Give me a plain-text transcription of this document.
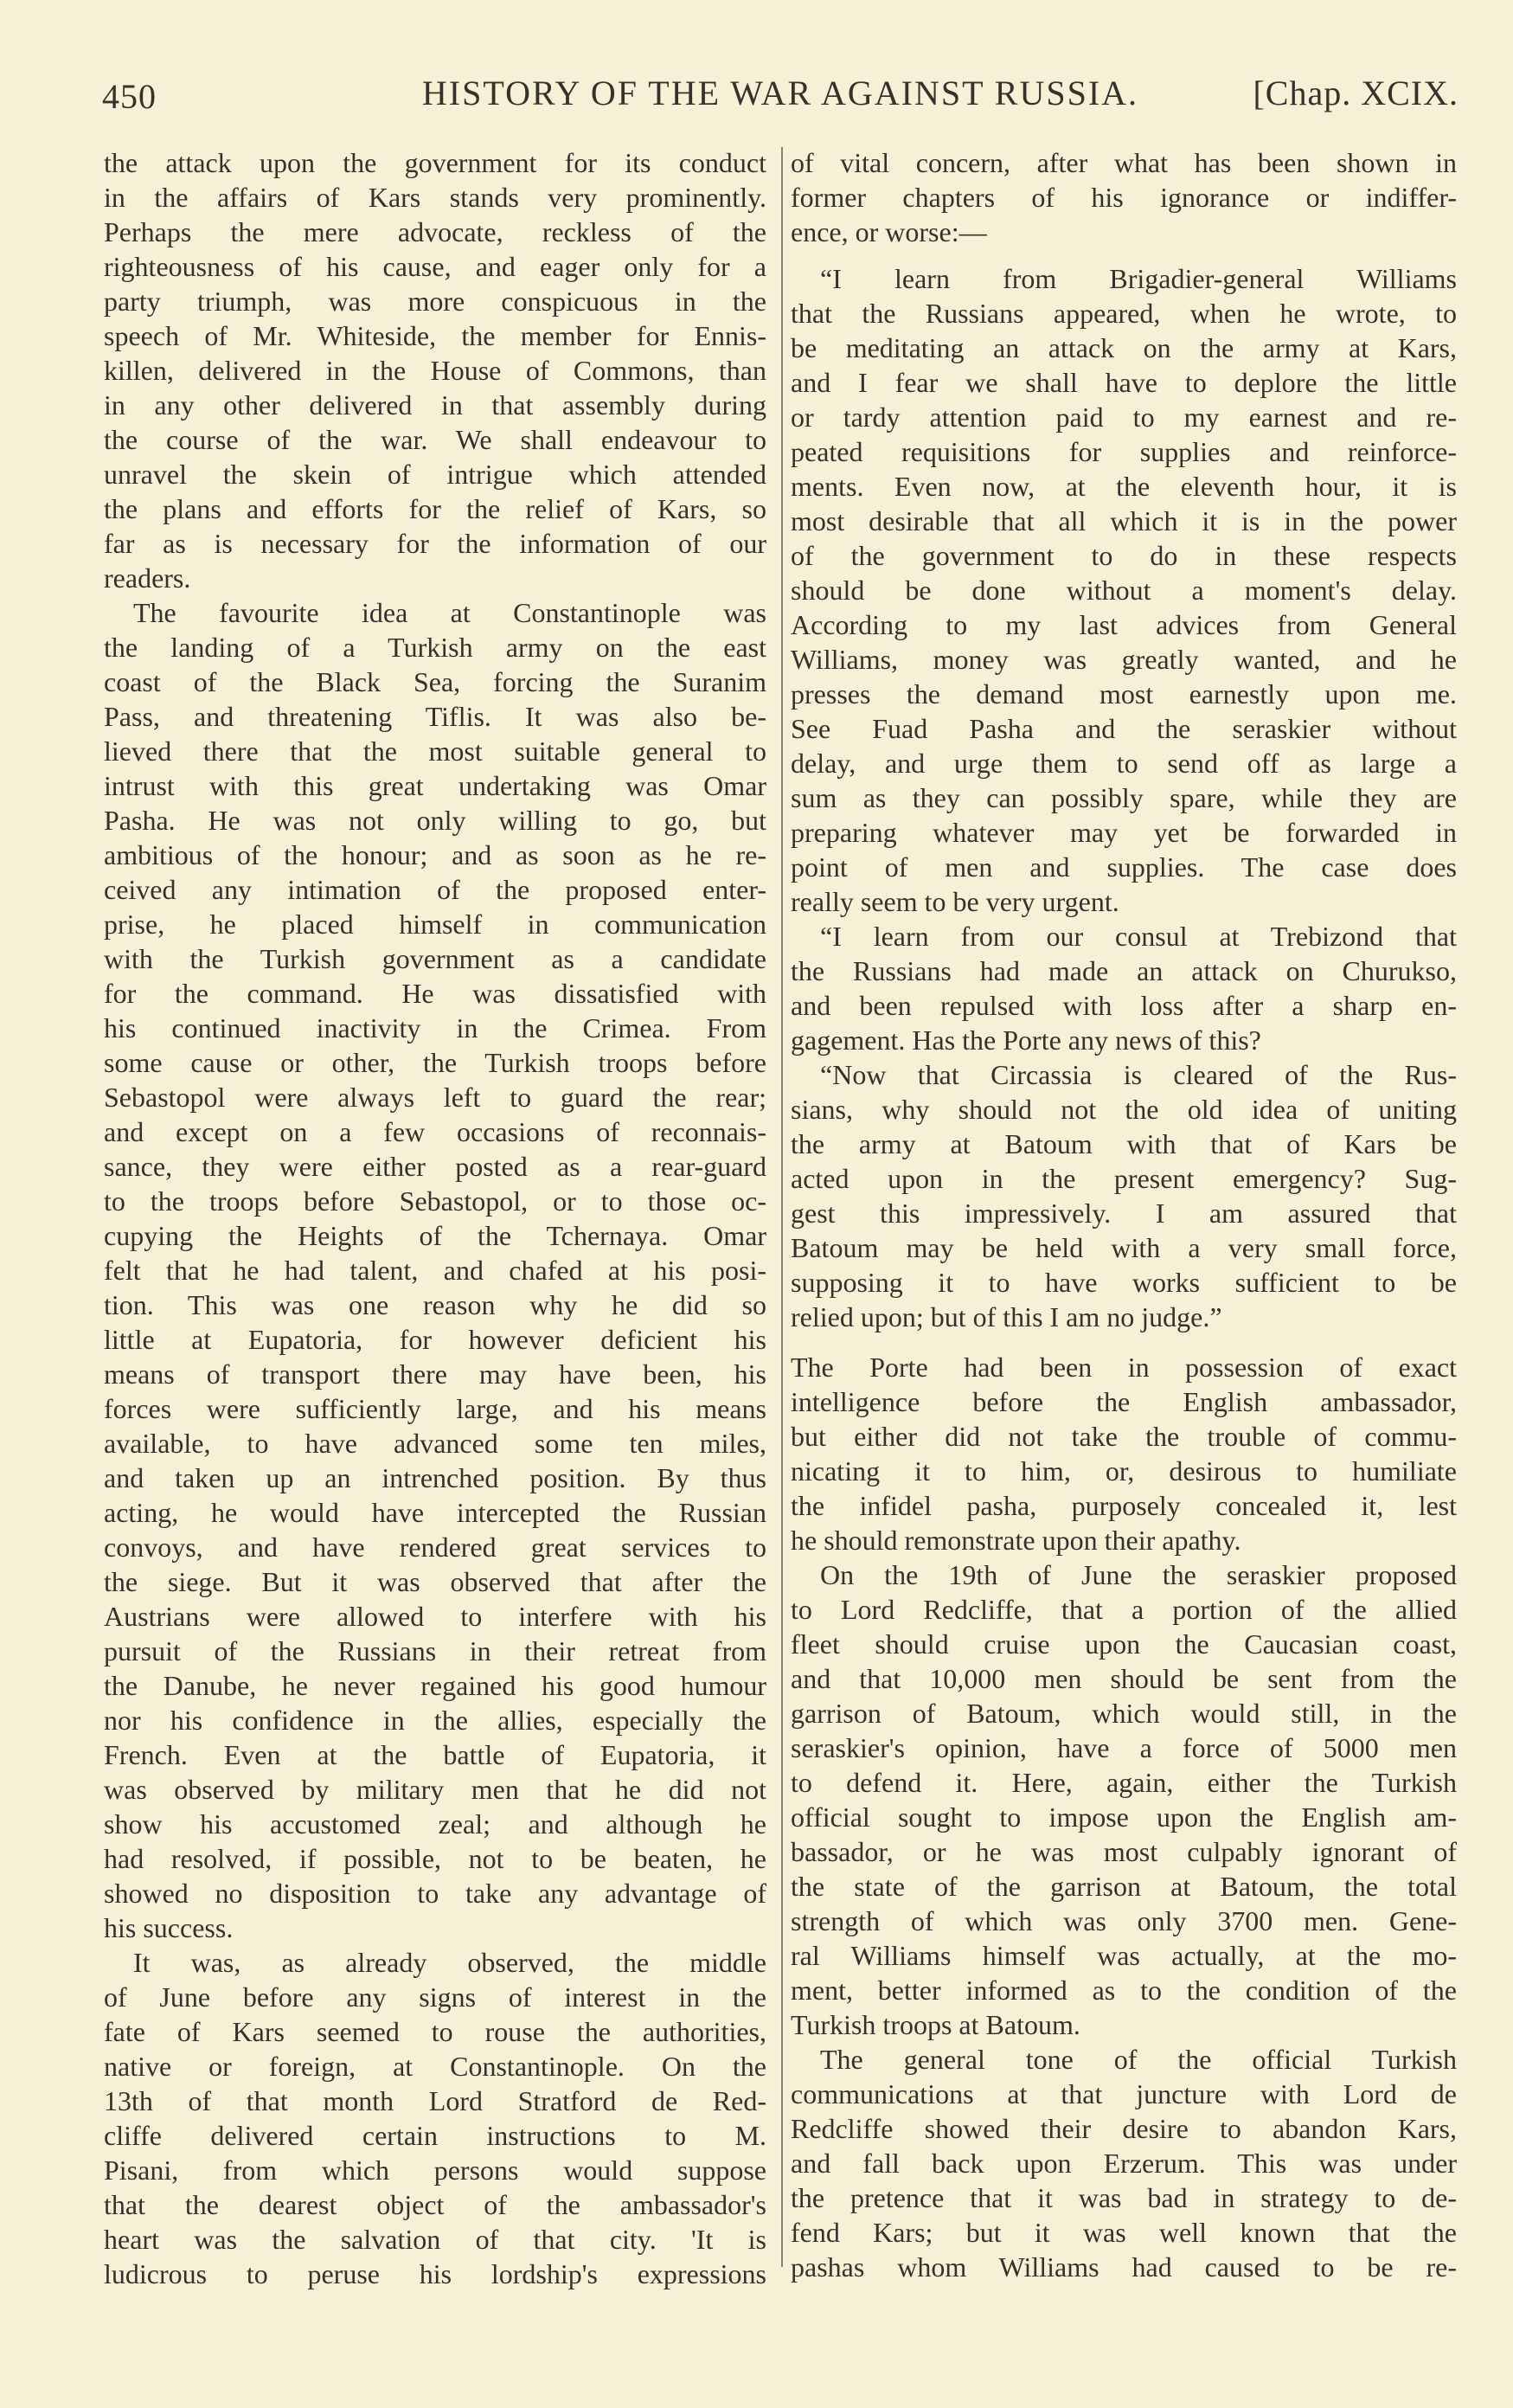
450	HISTORY OF THE WAR AGAINST RUSSIA.	[Chap. XCIX.
the attack upon the government for its conduct
in the affairs of Kars stands very prominently.
Perhaps the mere advocate, reckless of the
righteousness of his cause, and eager only for a
party triumph, was more conspicuous in the
speech of Mr. Whiteside, the member for Ennis-
killen, delivered in the House of Commons, than
in any other delivered in that assembly during
the course of the war. We shall endeavour to
unravel the skein of intrigue which attended
the plans and efforts for the relief of Kars, so
far as is necessary for the information of our
readers.
The favourite idea at Constantinople was
the landing of a Turkish army on the east
coast of the Black Sea, forcing the Suranim
Pass, and threatening Tiflis. It was also be-
lieved there that the most suitable general to
intrust with this great undertaking was Omar
Pasha. He was not only willing to go, but
ambitious of the honour; and as soon as he re-
ceived any intimation of the proposed enter-
prise, he placed himself in communication
with the Turkish government as a candidate
for the command. He was dissatisfied with
his continued inactivity in the Crimea. From
some cause or other, the Turkish troops before
Sebastopol were always left to guard the rear;
and except on a few occasions of reconnais-
sance, they were either posted as a rear-guard
to the troops before Sebastopol, or to those oc-
cupying the Heights of the Tchernaya. Omar
felt that he had talent, and chafed at his posi-
tion. This was one reason why he did so
little at Eupatoria, for however deficient his
means of transport there may have been, his
forces were sufficiently large, and his means
available, to have advanced some ten miles,
and taken up an intrenched position. By thus
acting, he would have intercepted the Russian
convoys, and have rendered great services to
the siege. But it was observed that after the
Austrians were allowed to interfere with his
pursuit of the Russians in their retreat from
the Danube, he never regained his good humour
nor his confidence in the allies, especially the
French. Even at the battle of Eupatoria, it
was observed by military men that he did not
show his accustomed zeal; and although he
had resolved, if possible, not to be beaten, he
showed no disposition to take any advantage of
his success.
It was, as already observed, the middle
of June before any signs of interest in the
fate of Kars seemed to rouse the authorities,
native or foreign, at Constantinople. On the
13th of that month Lord Stratford de Red-
cliffe delivered certain instructions to M.
Pisani, from which persons would suppose
that the dearest object of the ambassador's
heart was the salvation of that city. 'It is
ludicrous to peruse his lordship's expressions
of vital concern, after what has been shown in
former chapters of his ignorance or indiffer-
ence, or worse:—
“I learn from Brigadier-general Williams
that the Russians appeared, when he wrote, to
be meditating an attack on the army at Kars,
and I fear we shall have to deplore the little
or tardy attention paid to my earnest and re-
peated requisitions for supplies and reinforce-
ments. Even now, at the eleventh hour, it is
most desirable that all which it is in the power
of the government to do in these respects
should be done without a moment's delay.
According to my last advices from General
Williams, money was greatly wanted, and he
presses the demand most earnestly upon me.
See Fuad Pasha and the seraskier without
delay, and urge them to send off as large a
sum as they can possibly spare, while they are
preparing whatever may yet be forwarded in
point of men and supplies. The case does
really seem to be very urgent.
“I learn from our consul at Trebizond that
the Russians had made an attack on Churukso,
and been repulsed with loss after a sharp en-
gagement. Has the Porte any news of this?
“Now that Circassia is cleared of the Rus-
sians, why should not the old idea of uniting
the army at Batoum with that of Kars be
acted upon in the present emergency? Sug-
gest this impressively. I am assured that
Batoum may be held with a very small force,
supposing it to have works sufficient to be
relied upon; but of this I am no judge.”
The Porte had been in possession of exact
intelligence before the English ambassador,
but either did not take the trouble of commu-
nicating it to him, or, desirous to humiliate
the infidel pasha, purposely concealed it, lest
he should remonstrate upon their apathy.
On the 19th of June the seraskier proposed
to Lord Redcliffe, that a portion of the allied
fleet should cruise upon the Caucasian coast,
and that 10,000 men should be sent from the
garrison of Batoum, which would still, in the
seraskier's opinion, have a force of 5000 men
to defend it. Here, again, either the Turkish
official sought to impose upon the English am-
bassador, or he was most culpably ignorant of
the state of the garrison at Batoum, the total
strength of which was only 3700 men. Gene-
ral Williams himself was actually, at the mo-
ment, better informed as to the condition of the
Turkish troops at Batoum.
The general tone of the official Turkish
communications at that juncture with Lord de
Redcliffe showed their desire to abandon Kars,
and fall back upon Erzerum. This was under
the pretence that it was bad in strategy to de-
fend Kars; but it was well known that the
pashas whom Williams had caused to be re-
